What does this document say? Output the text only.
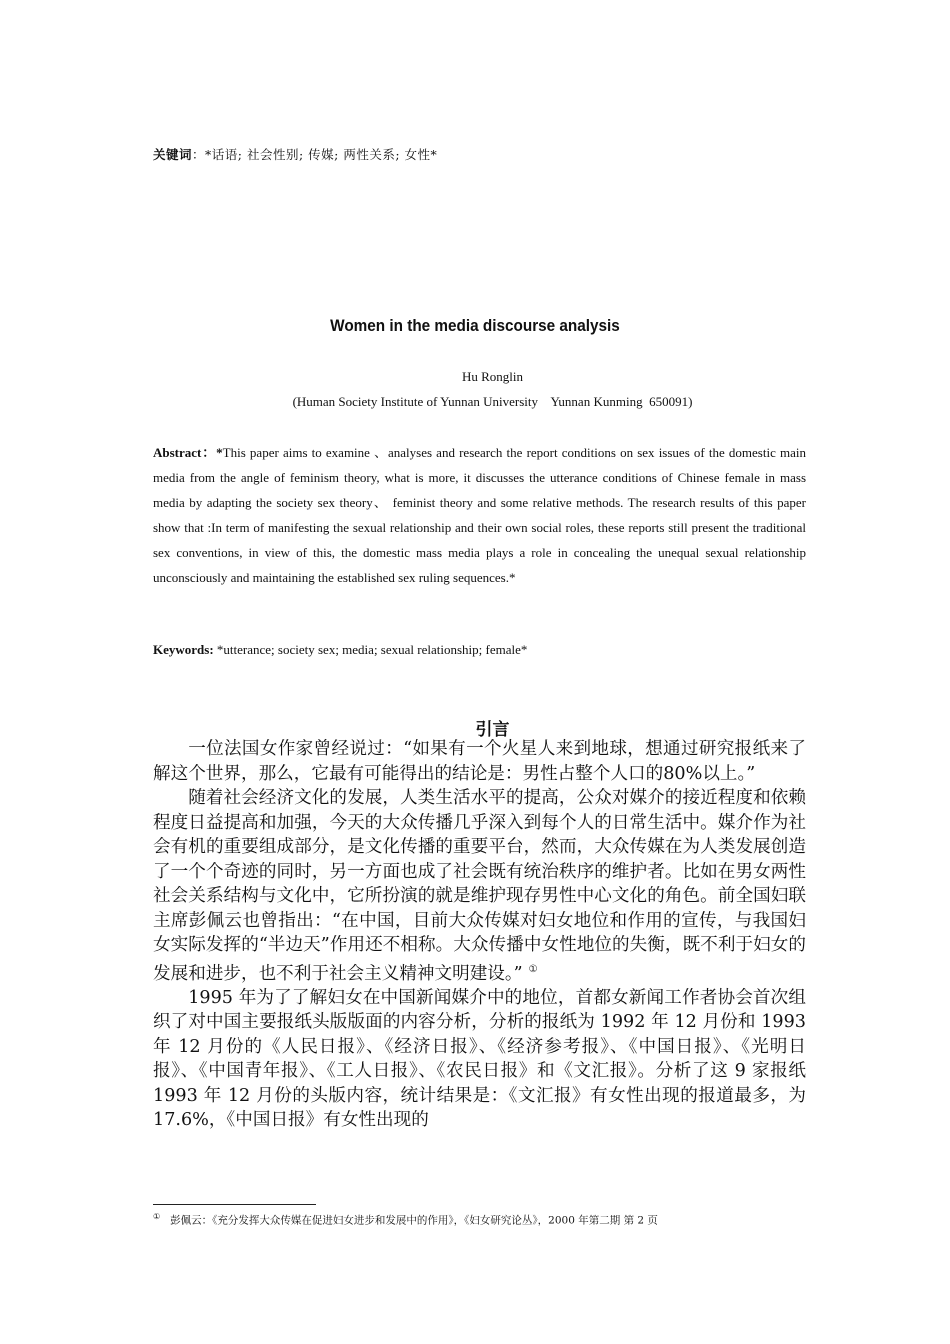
关键词：*话语; 社会性别; 传媒; 两性关系; 女性*
Women in the media discourse analysis
Hu Ronglin
(Human Society Institute of Yunnan University    Yunnan Kunming  650091)
Abstract：*This paper aims to examine 、analyses and research the report conditions on sex issues of the domestic main media from the angle of feminism theory, what is more, it discusses the utterance conditions of Chinese female in mass media by adapting the society sex theory、 feminist theory and some relative methods. The research results of this paper show that :In term of manifesting the sexual relationship and their own social roles, these reports still present the traditional sex conventions, in view of this, the domestic mass media plays a role in concealing the unequal sexual relationship unconsciously and maintaining the established sex ruling sequences.*
Keywords: *utterance; society sex; media; sexual relationship; female*
引言

一位法国女作家曾经说过：“如果有一个火星人来到地球，想通过研究报纸来了解这个世界，那么，它最有可能得出的结论是：男性占整个人口的80%以上。”

随着社会经济文化的发展，人类生活水平的提高，公众对媒介的接近程度和依赖程度日益提高和加强，今天的大众传播几乎深入到每个人的日常生活中。媒介作为社会有机的重要组成部分，是文化传播的重要平台，然而，大众传媒在为人类发展创造了一个个奇迹的同时，另一方面也成了社会既有统治秩序的维护者。比如在男女两性社会关系结构与文化中，它所扮演的就是维护现存男性中心文化的角色。前全国妇联主席彭佩云也曾指出：“在中国，目前大众传媒对妇女地位和作用的宣传，与我国妇女实际发挥的“半边天”作用还不相称。大众传播中女性地位的失衡，既不利于妇女的发展和进步，也不利于社会主义精神文明建设。” ①

1995 年为了了解妇女在中国新闻媒介中的地位，首都女新闻工作者协会首次组织了对中国主要报纸头版版面的内容分析，分析的报纸为 1992 年 12 月份和 1993 年 12 月份的《人民日报》、《经济日报》、《经济参考报》、《中国日报》、《光明日报》、《中国青年报》、《工人日报》、《农民日报》和《文汇报》。分析了这 9 家报纸 1993 年 12 月份的头版内容，统计结果是：《文汇报》有女性出现的报道最多，为 17.6%，《中国日报》有女性出现的

① 彭佩云：《充分发挥大众传媒在促进妇女进步和发展中的作用》，《妇女研究论丛》，2000 年第二期 第 2 页
